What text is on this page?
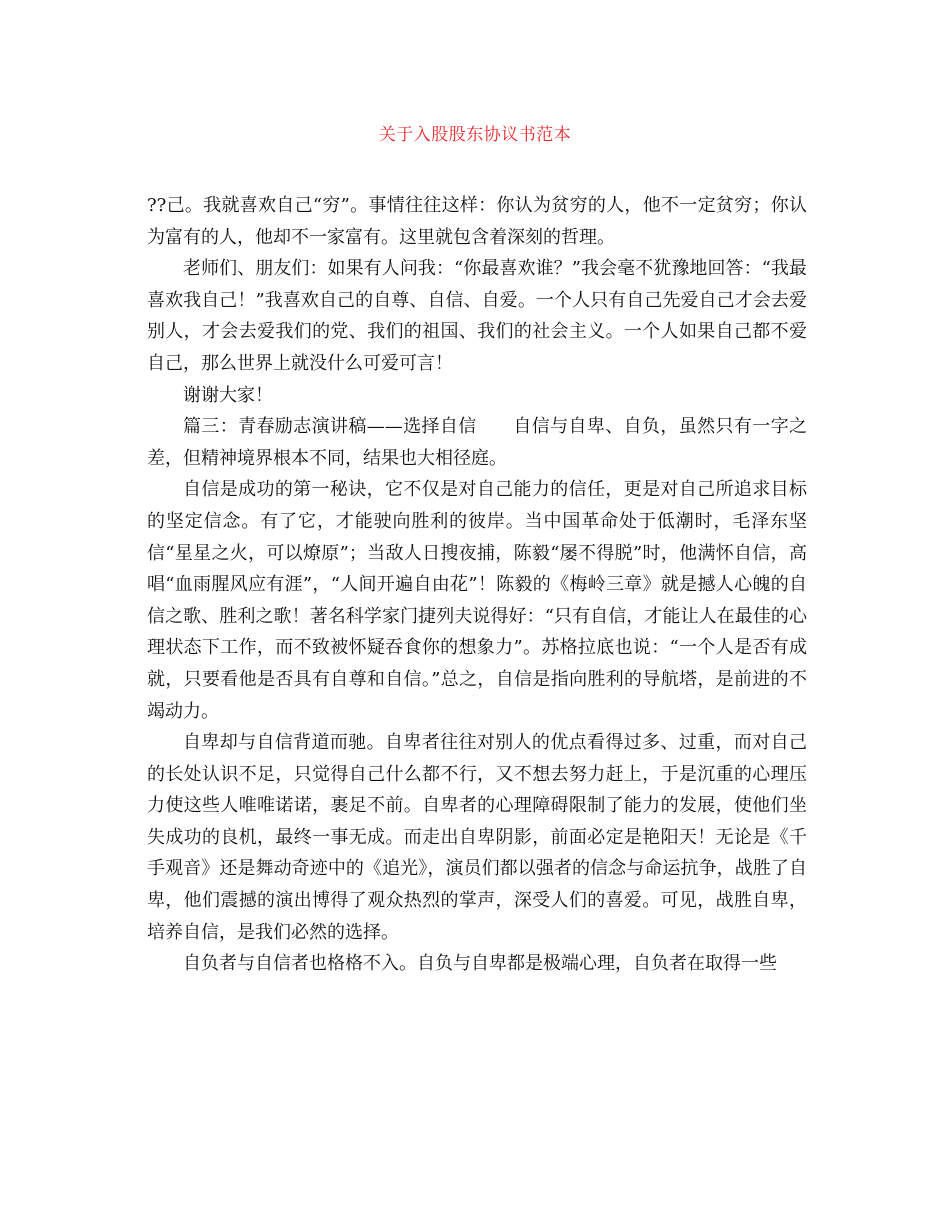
关于入股股东协议书范本

??己。我就喜欢自己“穷”。事情往往这样：你认为贫穷的人，他不一定贫穷；你认为富有的人，他却不一家富有。这里就包含着深刻的哲理。

老师们、朋友们：如果有人问我：“你最喜欢谁？”我会毫不犹豫地回答：“我最喜欢我自己！”我喜欢自己的自尊、自信、自爱。一个人只有自己先爱自己才会去爱别人，才会去爱我们的党、我们的祖国、我们的社会主义。一个人如果自己都不爱自己，那么世界上就没什么可爱可言！

谢谢大家！

篇三：青春励志演讲稿——选择自信　　自信与自卑、自负，虽然只有一字之差，但精神境界根本不同，结果也大相径庭。

自信是成功的第一秘诀，它不仅是对自己能力的信任，更是对自己所追求目标的坚定信念。有了它，才能驶向胜利的彼岸。当中国革命处于低潮时，毛泽东坚信“星星之火，可以燎原”；当敌人日搜夜捕，陈毅“屡不得脱”时，他满怀自信，高唱“血雨腥风应有涯”，“人间开遍自由花”！陈毅的《梅岭三章》就是撼人心魄的自信之歌、胜利之歌！著名科学家门捷列夫说得好：“只有自信，才能让人在最佳的心理状态下工作，而不致被怀疑吞食你的想象力”。苏格拉底也说：“一个人是否有成就，只要看他是否具有自尊和自信。”总之，自信是指向胜利的导航塔，是前进的不竭动力。

自卑却与自信背道而驰。自卑者往往对别人的优点看得过多、过重，而对自己的长处认识不足，只觉得自己什么都不行，又不想去努力赶上，于是沉重的心理压力使这些人唯唯诺诺，裹足不前。自卑者的心理障碍限制了能力的发展，使他们坐失成功的良机，最终一事无成。而走出自卑阴影，前面必定是艳阳天！无论是《千手观音》还是舞动奇迹中的《追光》，演员们都以强者的信念与命运抗争，战胜了自卑，他们震撼的演出博得了观众热烈的掌声，深受人们的喜爱。可见，战胜自卑，培养自信，是我们必然的选择。

自负者与自信者也格格不入。自负与自卑都是极端心理，自负者在取得一些
